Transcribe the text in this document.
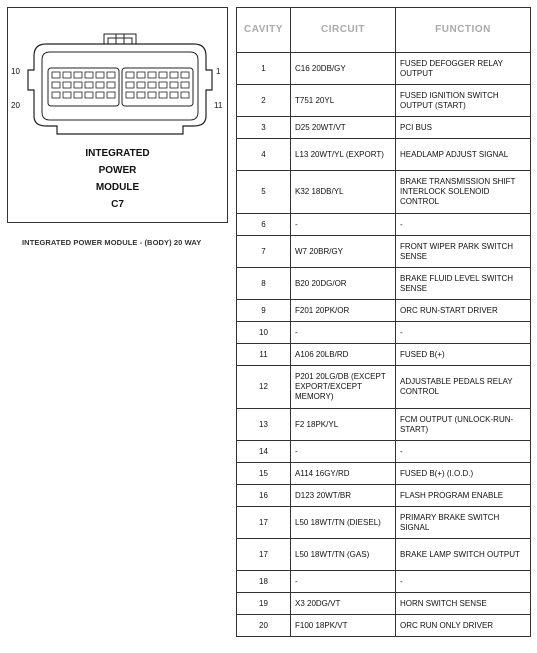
10
20
1
11
INTEGRATED
POWER
MODULE
C7
INTEGRATED POWER MODULE - (BODY) 20 WAY
CAVITY	CIRCUIT	FUNCTION
1	C16 20DB/GY	FUSED DEFOGGER RELAY OUTPUT
2	T751 20YL	FUSED IGNITION SWITCH OUTPUT (START)
3	D25 20WT/VT	PCI BUS
4	L13 20WT/YL (EXPORT)	HEADLAMP ADJUST SIGNAL
5	K32 18DB/YL	BRAKE TRANSMISSION SHIFT INTERLOCK SOLENOID CONTROL
6	-	-
7	W7 20BR/GY	FRONT WIPER PARK SWITCH SENSE
8	B20 20DG/OR	BRAKE FLUID LEVEL SWITCH SENSE
9	F201 20PK/OR	ORC RUN-START DRIVER
10	-	-
11	A106 20LB/RD	FUSED B(+)
12	P201 20LG/DB (EXCEPT EXPORT/EXCEPT MEMORY)	ADJUSTABLE PEDALS RELAY CONTROL
13	F2 18PK/YL	FCM OUTPUT (UNLOCK-RUN-START)
14	-	-
15	A114 16GY/RD	FUSED B(+) (I.O.D.)
16	D123 20WT/BR	FLASH PROGRAM ENABLE
17	L50 18WT/TN (DIESEL)	PRIMARY BRAKE SWITCH SIGNAL
17	L50 18WT/TN (GAS)	BRAKE LAMP SWITCH OUTPUT
18	-	-
19	X3 20DG/VT	HORN SWITCH SENSE
20	F100 18PK/VT	ORC RUN ONLY DRIVER
